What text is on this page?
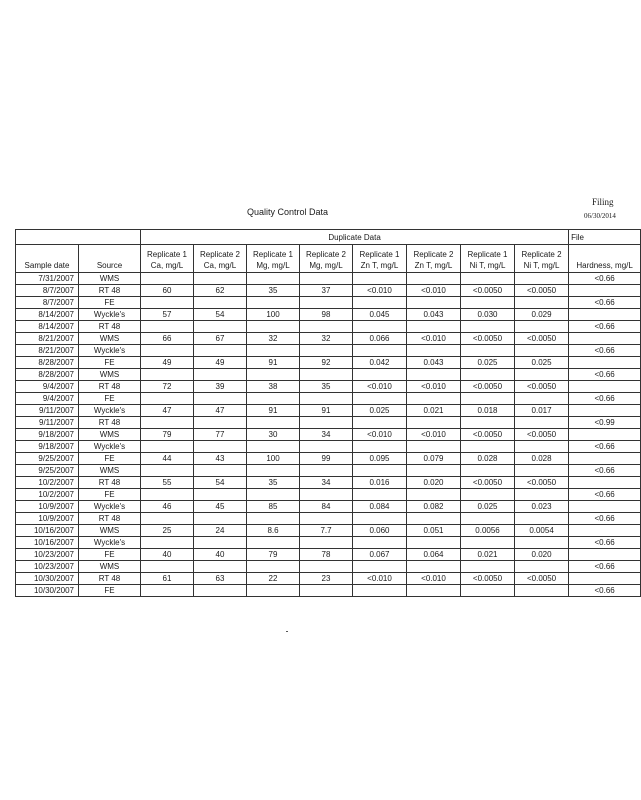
Filing
06/30/2014
Quality Control Data
		Duplicate Data								File
Sample date	Source	Replicate 1 Ca, mg/L	Replicate 2 Ca, mg/L	Replicate 1 Mg, mg/L	Replicate 2 Mg, mg/L	Replicate 1 Zn T, mg/L	Replicate 2 Zn T, mg/L	Replicate 1 Ni T, mg/L	Replicate 2 Ni T, mg/L	Hardness, mg/L
7/31/2007	WMS									<0.66
8/7/2007	RT 48	60	62	35	37	<0.010	<0.010	<0.0050	<0.0050	
8/7/2007	FE									<0.66
8/14/2007	Wyckle's	57	54	100	98	0.045	0.043	0.030	0.029	
8/14/2007	RT 48									<0.66
8/21/2007	WMS	66	67	32	32	0.066	<0.010	<0.0050	<0.0050	
8/21/2007	Wyckle's									<0.66
8/28/2007	FE	49	49	91	92	0.042	0.043	0.025	0.025	
8/28/2007	WMS									<0.66
9/4/2007	RT 48	72	39	38	35	<0.010	<0.010	<0.0050	<0.0050	
9/4/2007	FE									<0.66
9/11/2007	Wyckle's	47	47	91	91	0.025	0.021	0.018	0.017	
9/11/2007	RT 48									<0.99
9/18/2007	WMS	79	77	30	34	<0.010	<0.010	<0.0050	<0.0050	
9/18/2007	Wyckle's									<0.66
9/25/2007	FE	44	43	100	99	0.095	0.079	0.028	0.028	
9/25/2007	WMS									<0.66
10/2/2007	RT 48	55	54	35	34	0.016	0.020	<0.0050	<0.0050	
10/2/2007	FE									<0.66
10/9/2007	Wyckle's	46	45	85	84	0.084	0.082	0.025	0.023	
10/9/2007	RT 48									<0.66
10/16/2007	WMS	25	24	8.6	7.7	0.060	0.051	0.0056	0.0054	
10/16/2007	Wyckle's									<0.66
10/23/2007	FE	40	40	79	78	0.067	0.064	0.021	0.020	
10/23/2007	WMS									<0.66
10/30/2007	RT 48	61	63	22	23	<0.010	<0.010	<0.0050	<0.0050	
10/30/2007	FE									<0.66
